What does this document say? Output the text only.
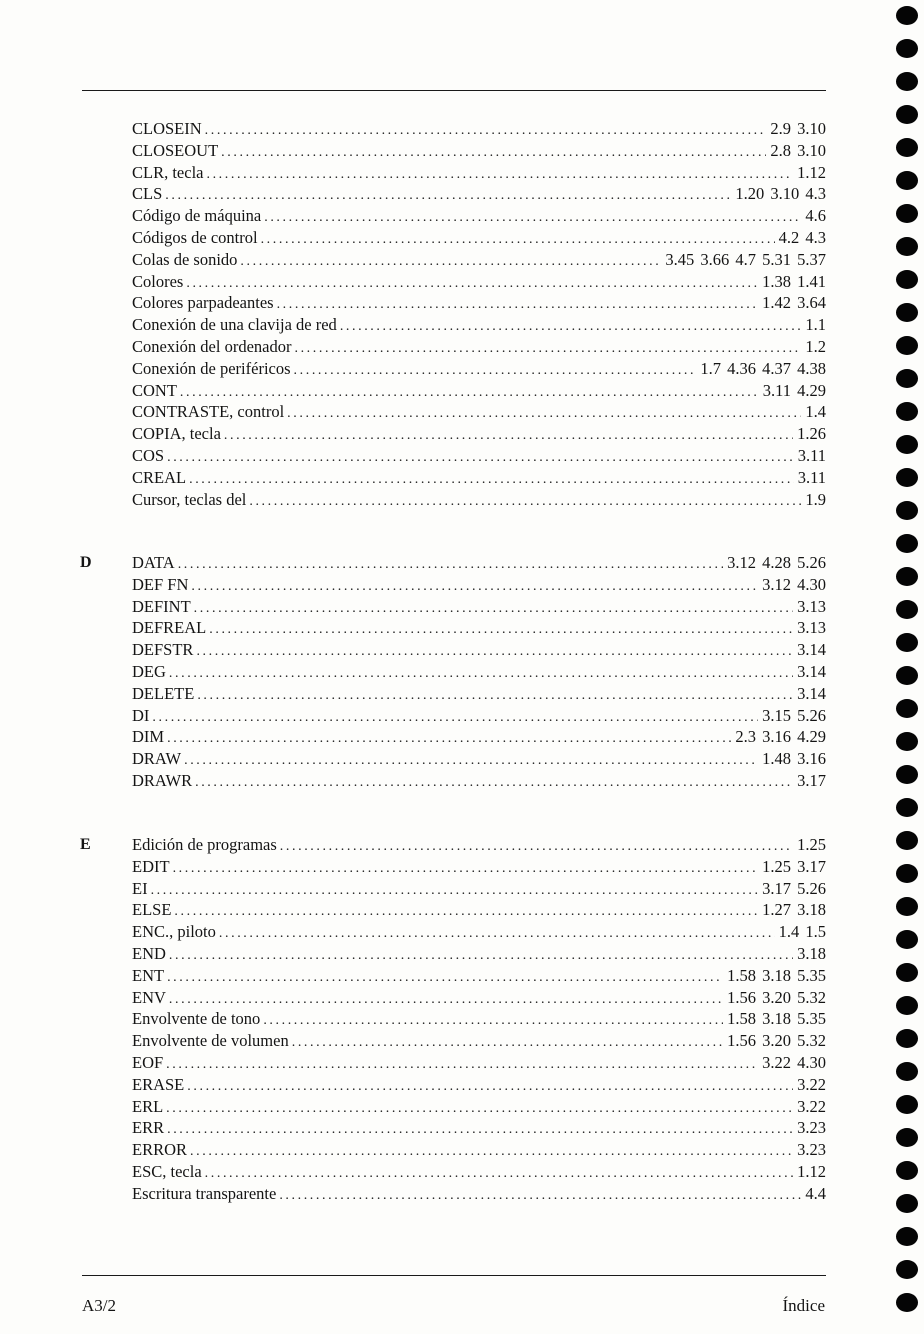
CLOSEIN .....	2.9 3.10
CLOSEOUT .....	2.8 3.10
CLR, tecla .....	1.12
CLS .....	1.20 3.10 4.3
Código de máquina .....	4.6
Códigos de control .....	4.2 4.3
Colas de sonido .....	3.45 3.66 4.7 5.31 5.37
Colores .....	1.38 1.41
Colores parpadeantes .....	1.42 3.64
Conexión de una clavija de red .....	1.1
Conexión del ordenador .....	1.2
Conexión de periféricos .....	1.7 4.36 4.37 4.38
CONT .....	3.11 4.29
CONTRASTE, control .....	1.4
COPIA, tecla .....	1.26
COS .....	3.11
CREAL .....	3.11
Cursor, teclas del .....	1.9
D DATA .....	3.12 4.28 5.26
DEF FN .....	3.12 4.30
DEFINT .....	3.13
DEFREAL .....	3.13
DEFSTR .....	3.14
DEG .....	3.14
DELETE .....	3.14
DI .....	3.15 5.26
DIM .....	2.3 3.16 4.29
DRAW .....	1.48 3.16
DRAWR .....	3.17
E	Edición de programas .....	1.25
EDIT .....	1.25 3.17
EI .....	3.17 5.26
ELSE .....	1.27 3.18
ENC., piloto .....	1.4 1.5
END .....	3.18
ENT .....	1.58 3.18 5.35
ENV .....	1.56 3.20 5.32
Envolvente de tono .....	1.58 3.18 5.35
Envolvente de volumen .....	1.56 3.20 5.32
EOF .....	3.22 4.30
ERASE .....	3.22
ERL .....	3.22
ERR .....	3.23
ERROR .....	3.23
ESC, tecla .....	1.12
Escritura transparente .....	4.4
A3/2	Índice
